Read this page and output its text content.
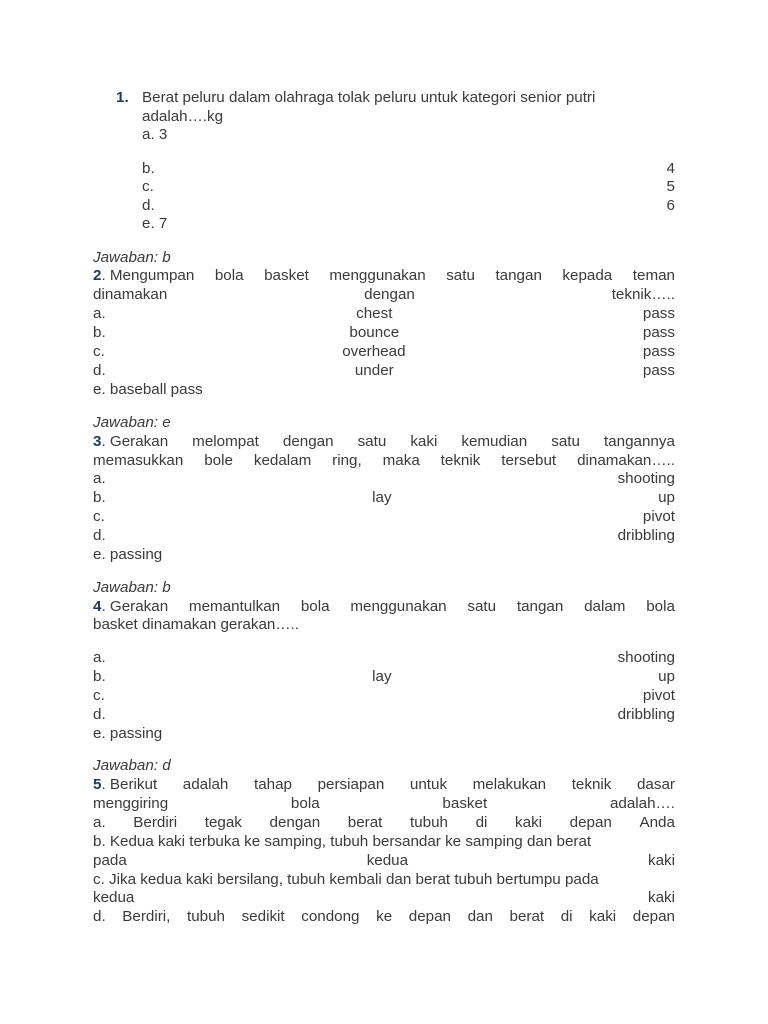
1. Berat peluru dalam olahraga tolak peluru untuk kategori senior putri
adalah….kg
a. 3
b.	4
c.	5
d.	6
e. 7
Jawaban: b
2. Mengumpan bola basket menggunakan satu tangan kepada teman
dinamakan	dengan	teknik…..
a.	chest	pass
b.	bounce	pass
c.	overhead	pass
d.	under	pass
e. baseball pass
Jawaban: e
3. Gerakan melompat dengan satu kaki kemudian satu tangannya
memasukkan bole kedalam ring, maka teknik tersebut dinamakan…..
a.	shooting
b.	lay	up
c.	pivot
d.	dribbling
e. passing
Jawaban: b
4. Gerakan memantulkan bola menggunakan satu tangan dalam bola
basket dinamakan gerakan…..
a.	shooting
b.	lay	up
c.	pivot
d.	dribbling
e. passing
Jawaban: d
5. Berikut adalah tahap persiapan untuk melakukan teknik dasar
menggiring	bola	basket	adalah….
a. Berdiri tegak dengan berat tubuh di kaki depan Anda
b. Kedua kaki terbuka ke samping, tubuh bersandar ke samping dan berat
pada	kedua	kaki
c. Jika kedua kaki bersilang, tubuh kembali dan berat tubuh bertumpu pada
kedua	kaki
d. Berdiri, tubuh sedikit condong ke depan dan berat di kaki depan
